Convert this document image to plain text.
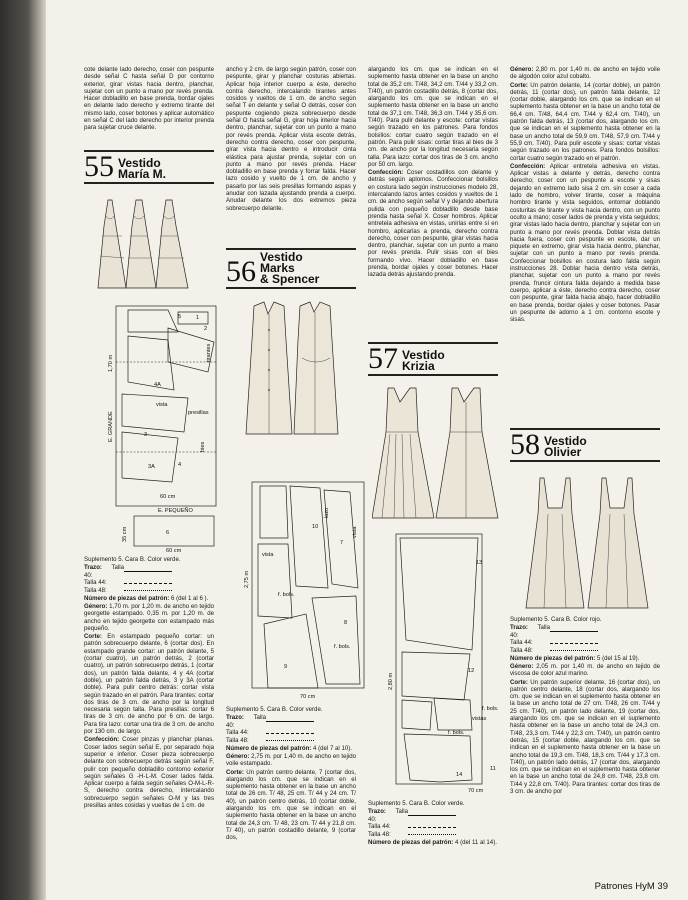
cote delante lado derecho, coser con pespunte desde señal C hasta señal D por contorno exterior, girar vistas hacia dentro, planchar, sujetar con un punto a mano por revés prenda. Hacer dobladillo en base prenda, bordar ojales en delante lado derecho y extremo tirante del mismo lado, coser botones y aplicar automático en señal C del lado derecho por interior prenda para sujetar cruce delante.

55 Vestido
María M.
5	1
2
tirantes
1,70 m
4A
vista
presillas
E. GRANDE	3
bies
3A	4
60 cm
E. PEQUEÑO
35 cm	6
60 cm

Suplemento 5. Cara B. Color verde.

Trazo: Talla 40:
Talla 44:
Talla 48:

Número de piezas del patrón: 6 (del 1 al 6 ).

Género: 1,70 m. por 1,20 m. de ancho en tejido georgette estampado. 0,35 m. por 1,20 m. de ancho en tejido georgette con estampado más pequeño.

Corte: En estampado pequeño cortar: un patrón sobrecuerpo delante, 6 (cortar dos). En estampado grande cortar: un patrón delante, 5 (cortar cuatro), un patrón detrás, 2 (cortar cuatro), un patrón sobrecuerpo detrás, 1 (cortar dos), un patrón falda delante, 4 y 4A (cortar doble), un patrón falda detrás, 3 y 3A (cortar doble). Para pulir centro detrás: cortar vista según trazado en el patrón. Para tirantes: cortar dos tiras de 3 cm. de ancho por la longitud necesaria según talla. Para presillas: cortar 6 tiras de 3 cm. de ancho por 6 cm. de largo. Para tira lazo: cortar una tira de 3 cm. de ancho por 130 cm. de largo.

Confección: Coser pinzas y planchar planas. Coser lados según señal E, por separado hoja superior e inferior. Coser pieza sobrecuerpo delante con sobrecuerpo detrás según señal F, pulir con pequeño dobladillo contorno exterior según señales G -H-L-M. Coser lados falda. Aplicar cuerpo a falda según señales O-M-L-R-S, derecho contra derecho, intercalando sobrecuerpo según señales O-M y las tres presillas antes cosidas y vueltas de 1 cm. de

ancho y 2 cm. de largo según patrón, coser con pespunte, girar y planchar costuras abiertas. Aplicar hoja interior cuerpo a éste, derecho contra derecho, intercalando tirantes antes cosidos y vueltos de 1 cm. de ancho según señal T en delante y señal O detrás, coser con pespunte cogiendo pieza sobrecuerpo desde señal O hasta señal G, girar hoja interior hacia dentro, planchar, sujetar con un punto a mano por revés prenda. Aplicar vista escote detrás, derecho contra derecho, coser con pespunte, girar vista hacia dentro e introducir cinta elástica para ajustar prenda, sujetar con un punto a mano por revés prenda. Hacer dobladillo en base prenda y forrar falda. Hacer lazo cosido y vuelto de 1 cm. de ancho y pasarlo por las seis presillas formando aspas y anudar con lazada ajustando prenda a cuerpo. Anudar delante los dos extremos pieza sobrecuerpo delante.

56 Vestido
Marks
& Spencer
lazo
vista
10
7
2,75 m
vista
f. bols.
f. bols.
8
9
70 cm

Suplemento 5. Cara B. Color verde.

Trazo: Talla 40:
Talla 44:
Talla 48:

Número de piezas del patrón: 4 (del 7 al 10).

Género: 2,75 m. por 1,40 m. de ancho en tejido voile estampado.

Corte: Un patrón centro delante, 7 (cortar dos, alargando los cm. que se indican en el suplemento hasta obtener en la base un ancho total de 26 cm. T/ 48, 25 cm. T/ 44 y 24 cm. T/ 40), un patrón centro detrás, 10 (cortar doble, alargando los cm. que se indican en el suplemento hasta obtener en la base un ancho total de 24,3 cm. T/ 48, 23 cm. T/ 44 y 21,8 cm. T/ 40), un patrón costadillo delante, 9 (cortar dos,

alargando los cm. que se indican en el suplemento hasta obtener en la base un ancho total de 35,2 cm. T/48, 34,2 cm. T/44 y 33,2 cm. T/40), un patrón costadillo detrás, 8 (cortar dos, alargando los cm. que se indican en el suplemento hasta obtener en la base un ancho total de 37,1 cm. T/48, 36,3 cm. T/44 y 35,6 cm. T/40). Para pulir delante y escote: cortar vistas según trazado en los patrones. Para fondos bolsillos: cortar cuatro según trazado en el patrón. Para pulir sisas: cortar tiras al bies de 3 cm. de ancho por la longitud necesaria según talla. Para lazo: cortar dos tiras de 3 cm. ancho por 50 cm. largo.

Confección: Coser costadillos con delante y detrás según aplomos. Confeccionar bolsillos en costura lado según instrucciones modelo 28, intercalando lazos antes cosidos y vueltos de 1 cm. de ancho según señal V y dejando abertura pulida con pequeño dobladillo desde base prenda hasta señal X. Coser hombros. Aplicar entretela adhesiva en vistas, unirlas entre sí en hombro, aplicarlas a prenda, derecho contra derecho, coser con pespunte, girar vistas hacia dentro, planchar, sujetar con un punto a mano por revés prenda. Pulir sisas con el bies formando vivo. Hacer dobladillo en base prenda, bordar ojales y coser botones. Hacer lazada detrás ajustando prenda.

57 Vestido
Krizia
13
2,80 m
12
f. bols.
vistas
f. bols.
14
11
70 cm

Suplemento 5. Cara B. Color verde.

Trazo: Talla 40:
Talla 44:
Talla 48:

Número de piezas del patrón: 4 (del 11 al 14).

Género: 2,80 m. por 1,40 m. de ancho en tejido voile de algodón color azul cobalto.

Corte: Un patrón delante, 14 (cortar doble), un patrón detrás, 11 (cortar dos), un patrón falda delante, 12 (cortar doble, alargando los cm. que se indican en el suplemento hasta obtener en la base un ancho total de 66,4 cm. T/48, 64,4 cm. T/44 y 62,4 cm. T/40), un patrón falda detrás, 13 (cortar dos, alargando los cm. que se indican en el suplemento hasta obtener en la base un ancho total de 59,9 cm. T/48, 57,9 cm. T/44 y 55,9 cm. T/40). Para pulir escote y sisas: cortar vistas según trazado en los patrones. Para fondos bolsillos: cortar cuatro según trazado en el patrón.

Confección: Aplicar entretela adhesiva en vistas. Aplicar vistas a delante y detrás, derecho contra derecho; coser con un pespunte a escote y sisas dejando en extremo lado sisa 2 cm. sin coser a cada lado de hombro, volver tirante, coser a máquina hombro tirante y vista seguidos, entornar doblando costuritas de tirante y vista hacia dentro, con un punto oculto a mano; coser lados de prenda y vista seguidos; girar vistas lado hacia dentro, planchar y sujetar con un punto a mano por revés prenda. Doblar vista detrás hacia fuera, coser con pespunte en escote, dar un piquete en extremo, girar vista hacia dentro, planchar, sujetar con un punto a mano por revés prenda. Confeccionar bolsillos en costura lado falda según instrucciones 28. Doblar hacia dentro vista detrás, planchar, sujetar con un punto a mano por revés prenda, fruncir cintura falda dejando a medida base cuerpo, aplicar a éste, derecho contra derecho, coser con pespunte, girar falda hacia abajo, hacer dobladillo en base prenda, bordar ojales y coser botones. Pasar un pespunte de adorno a 1 cm. contorno escote y sisas.

58 Vestido
Olivier

Suplemento 5. Cara B. Color rojo.

Trazo: Talla 40:
Talla 44:
Talla 48:

Número de piezas del patrón: 5 (del 15 al 19).

Género: 2,05 m. por 1,40 m. de ancho en tejido de viscosa de color azul marino.

Corte: Un patrón superior delante, 16 (cortar dos), un patrón centro delante, 18 (cortar dos, alargando los cm. que se indican en el suplemento hasta obtener en la base un ancho total de 27 cm. T/48, 26 cm. T/44 y 25 cm. T/40), un patrón lado delante, 19 (cortar dos, alargando los cm. que se indican en el suplemento hasta obtener en la base un ancho total de 24,3 cm. T/48, 23,3 cm. T/44 y 22,3 cm. T/40), un patrón centro detrás, 15 (cortar doble, alargando los cm. que se indican en el suplemento hasta obtener en la base un ancho total de 19,3 cm. T/48, 18,3 cm. T/44 y 17,3 cm. T/40), un patrón lado detrás, 17 (cortar dos, alargando los cm. que se indican en el suplemento hasta obtener en la base un ancho total de 24,8 cm. T/48, 23,8 cm. T/44 y 22,8 cm. T/40). Para tirantes: cortar dos tiras de 3 cm. de ancho por

Patrones HyM 39
